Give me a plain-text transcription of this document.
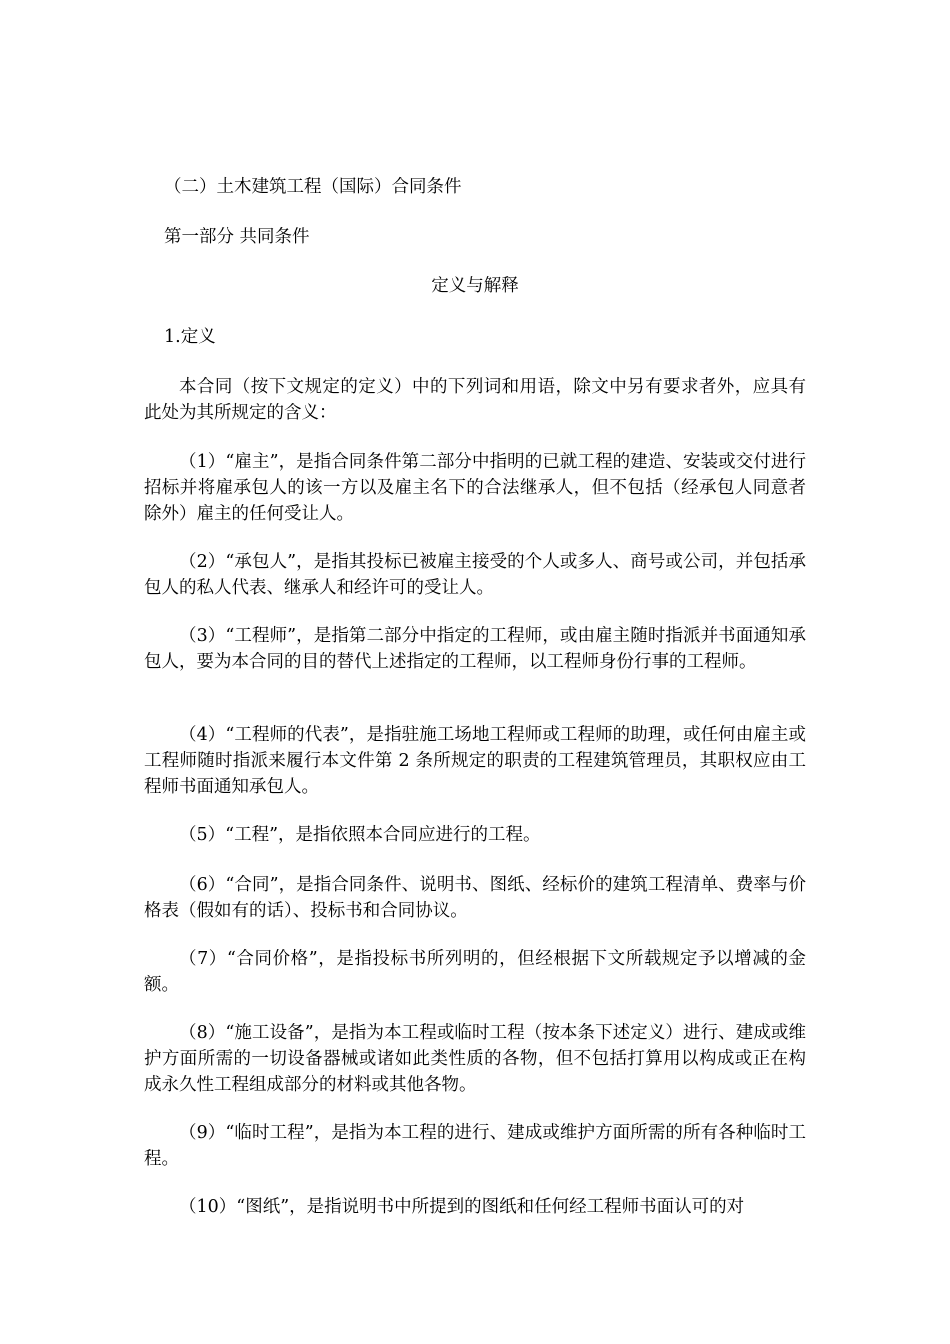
（二）土木建筑工程（国际）合同条件
第一部分 共同条件
定义与解释
1.定义
本合同（按下文规定的定义）中的下列词和用语，除文中另有要求者外，应具有此处为其所规定的含义：
（1）“雇主”，是指合同条件第二部分中指明的已就工程的建造、安装或交付进行招标并将雇承包人的该一方以及雇主名下的合法继承人，但不包括（经承包人同意者除外）雇主的任何受让人。
（2）“承包人”，是指其投标已被雇主接受的个人或多人、商号或公司，并包括承包人的私人代表、继承人和经许可的受让人。
（3）“工程师”，是指第二部分中指定的工程师，或由雇主随时指派并书面通知承包人，要为本合同的目的替代上述指定的工程师，以工程师身份行事的工程师。
（4）“工程师的代表”，是指驻施工场地工程师或工程师的助理，或任何由雇主或工程师随时指派来履行本文件第 2 条所规定的职责的工程建筑管理员，其职权应由工程师书面通知承包人。
（5）“工程”，是指依照本合同应进行的工程。
（6）“合同”，是指合同条件、说明书、图纸、经标价的建筑工程清单、费率与价格表（假如有的话）、投标书和合同协议。
（7）“合同价格”，是指投标书所列明的，但经根据下文所载规定予以增减的金额。
（8）“施工设备”，是指为本工程或临时工程（按本条下述定义）进行、建成或维护方面所需的一切设备器械或诸如此类性质的各物，但不包括打算用以构成或正在构成永久性工程组成部分的材料或其他各物。
（9）“临时工程”，是指为本工程的进行、建成或维护方面所需的所有各种临时工程。
（10）“图纸”，是指说明书中所提到的图纸和任何经工程师书面认可的对
